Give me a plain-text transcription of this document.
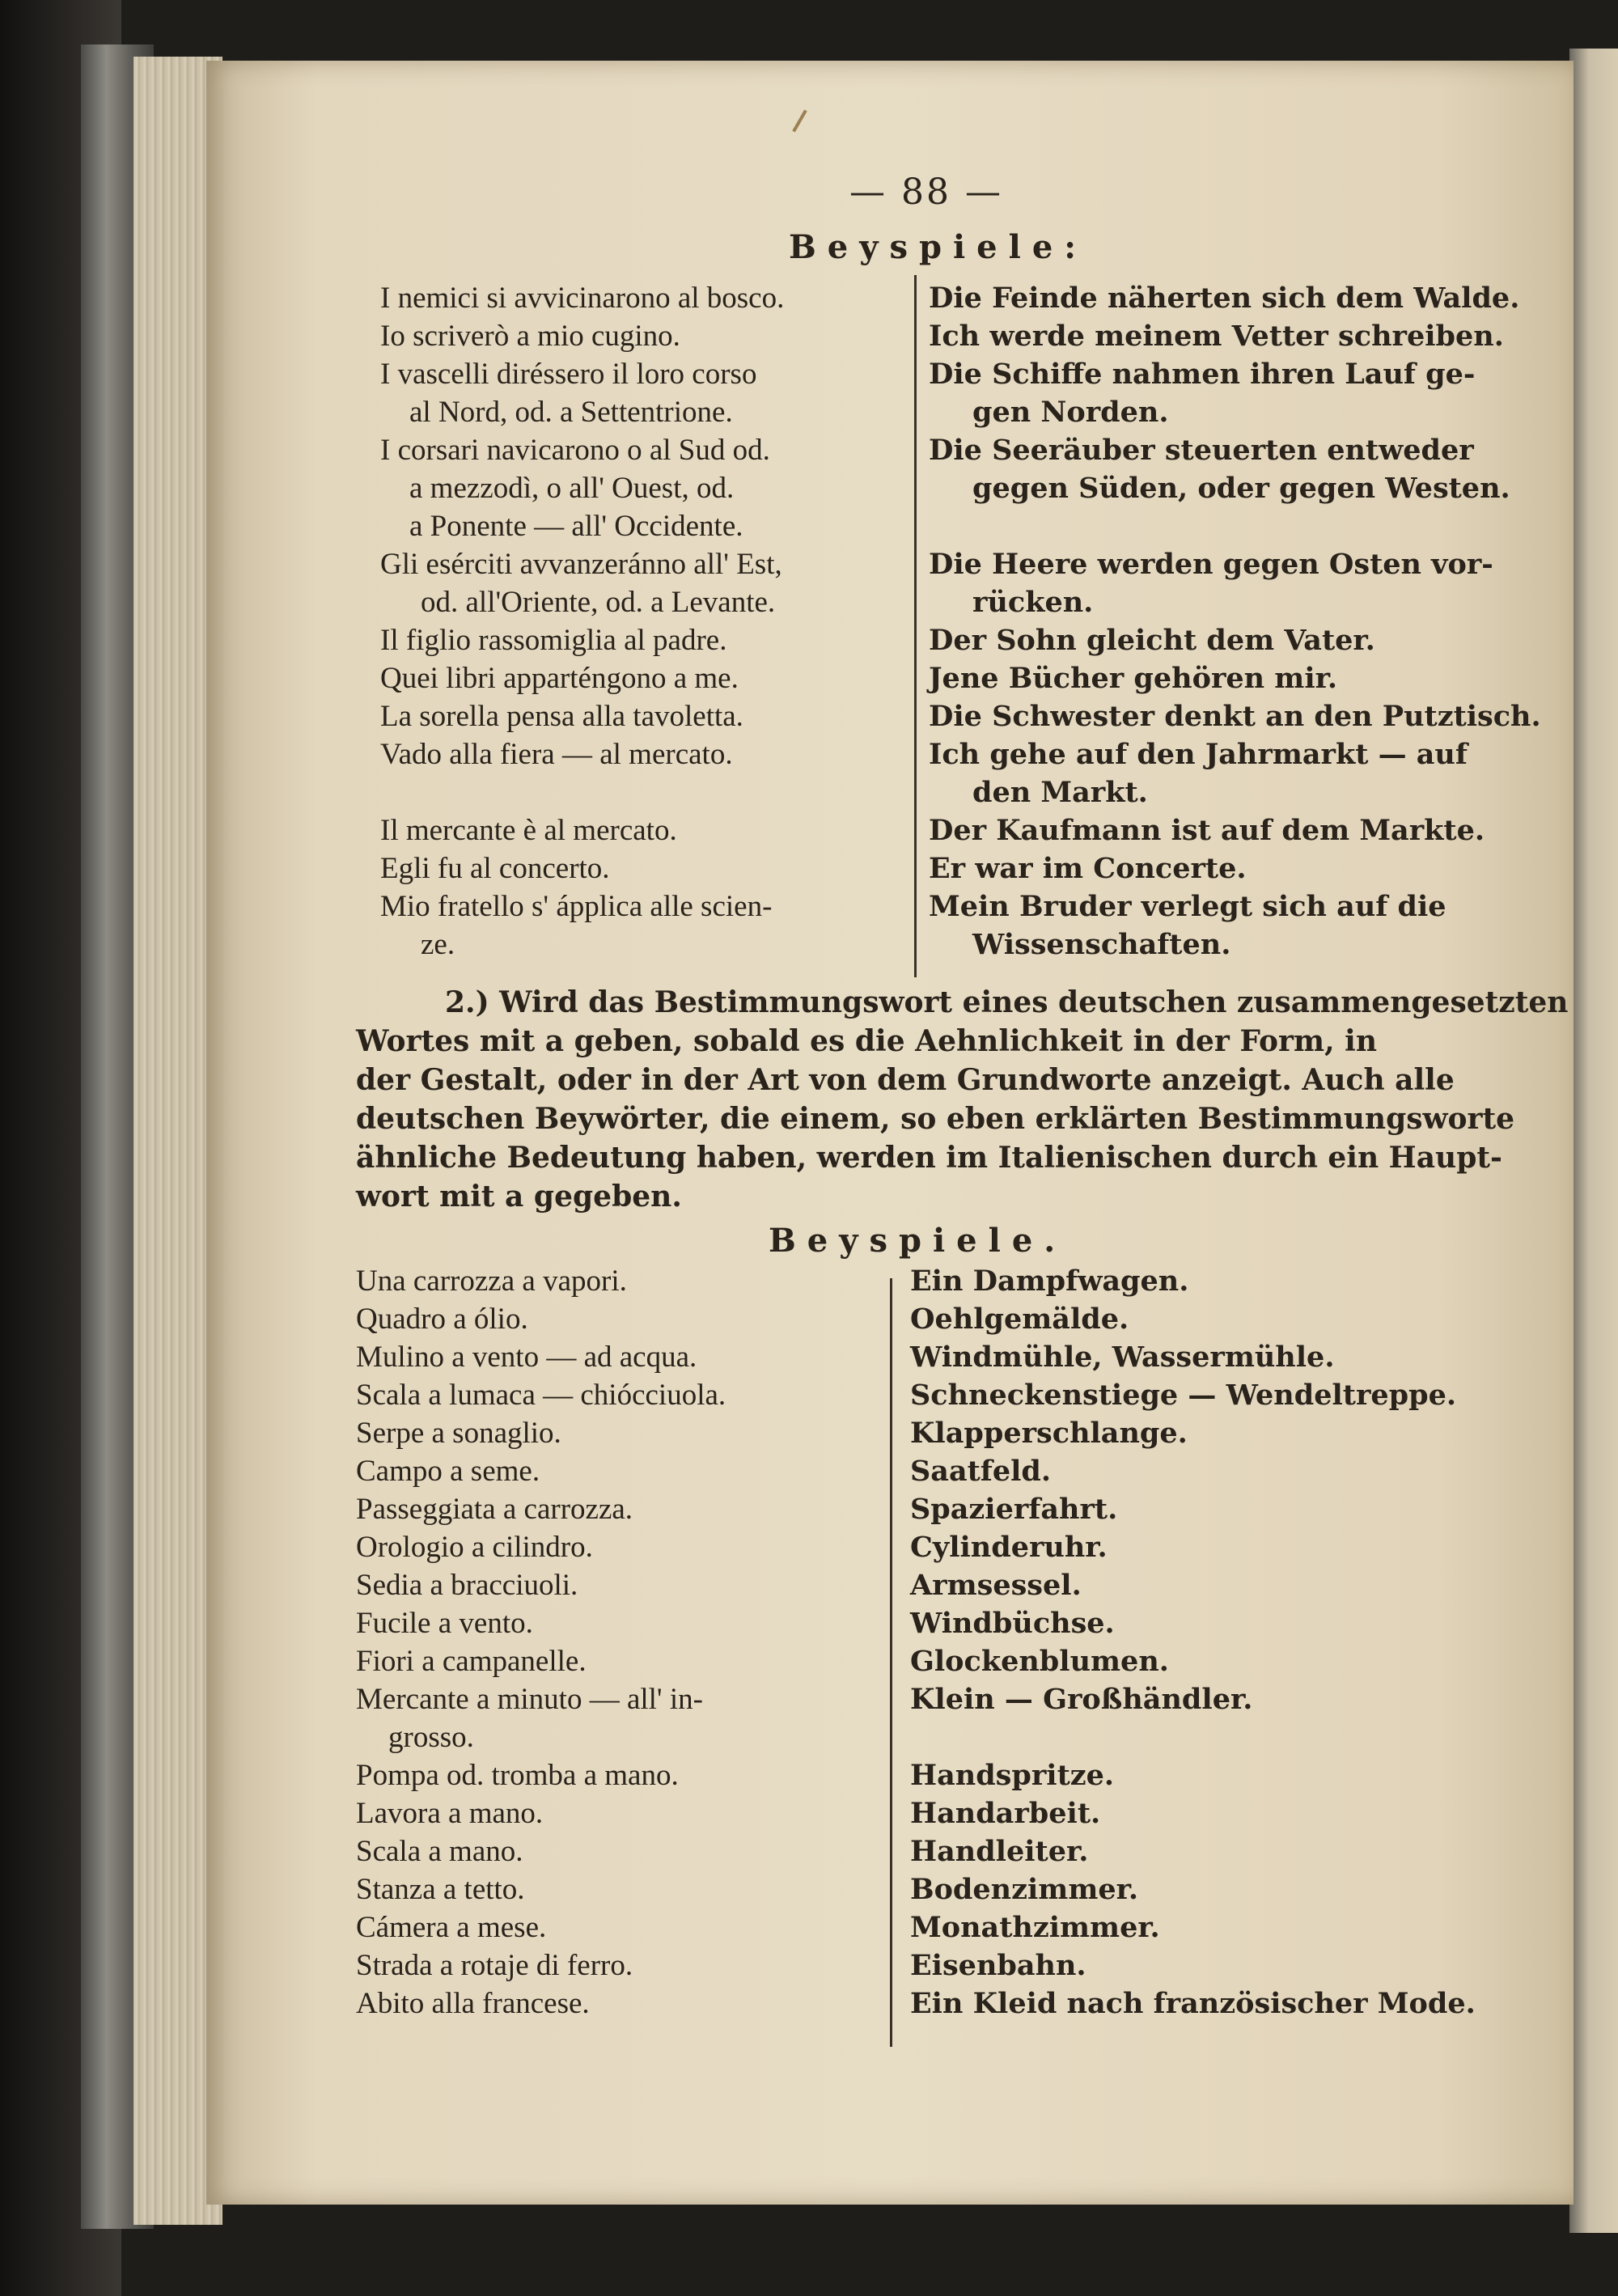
— 88 —
Beyspiele:
I nemici si avvicinarono al bosco.
Io scriverò a mio cugino.
I vascelli diréssero il loro corso
al Nord, od. a Settentrione.
I corsari navicarono o al Sud od.
a mezzodì, o all' Ouest, od.
a Ponente — all' Occidente.
Gli esérciti avvanzeránno all' Est,
od. all'Oriente, od. a Levante.
Il figlio rassomiglia al padre.
Quei libri apparténgono a me.
La sorella pensa alla tavoletta.
Vado alla fiera — al mercato.
Il mercante è al mercato.
Egli fu al concerto.
Mio fratello s' ápplica alle scien-
ze.
Die Feinde näherten sich dem Walde.
Ich werde meinem Vetter schreiben.
Die Schiffe nahmen ihren Lauf ge-
gen Norden.
Die Seeräuber steuerten entweder
gegen Süden, oder gegen Westen.
Die Heere werden gegen Osten vor-
rücken.
Der Sohn gleicht dem Vater.
Jene Bücher gehören mir.
Die Schwester denkt an den Putztisch.
Ich gehe auf den Jahrmarkt — auf
den Markt.
Der Kaufmann ist auf dem Markte.
Er war im Concerte.
Mein Bruder verlegt sich auf die
Wissenschaften.
2.) Wird das Bestimmungswort eines deutschen zusammengesetzten
Wortes mit a geben, sobald es die Aehnlichkeit in der Form, in
der Gestalt, oder in der Art von dem Grundworte anzeigt. Auch alle
deutschen Beywörter, die einem, so eben erklärten Bestimmungsworte
ähnliche Bedeutung haben, werden im Italienischen durch ein Haupt-
wort mit a gegeben.
Beyspiele.
Una carrozza a vapori.
Quadro a ólio.
Mulino a vento — ad acqua.
Scala a lumaca — chiócciuola.
Serpe a sonaglio.
Campo a seme.
Passeggiata a carrozza.
Orologio a cilindro.
Sedia a bracciuoli.
Fucile a vento.
Fiori a campanelle.
Mercante a minuto — all' in-
grosso.
Pompa od. tromba a mano.
Lavora a mano.
Scala a mano.
Stanza a tetto.
Cámera a mese.
Strada a rotaje di ferro.
Abito alla francese.
Ein Dampfwagen.
Oehlgemälde.
Windmühle, Wassermühle.
Schneckenstiege — Wendeltreppe.
Klapperschlange.
Saatfeld.
Spazierfahrt.
Cylinderuhr.
Armsessel.
Windbüchse.
Glockenblumen.
Klein — Großhändler.
Handspritze.
Handarbeit.
Handleiter.
Bodenzimmer.
Monathzimmer.
Eisenbahn.
Ein Kleid nach französischer Mode.
